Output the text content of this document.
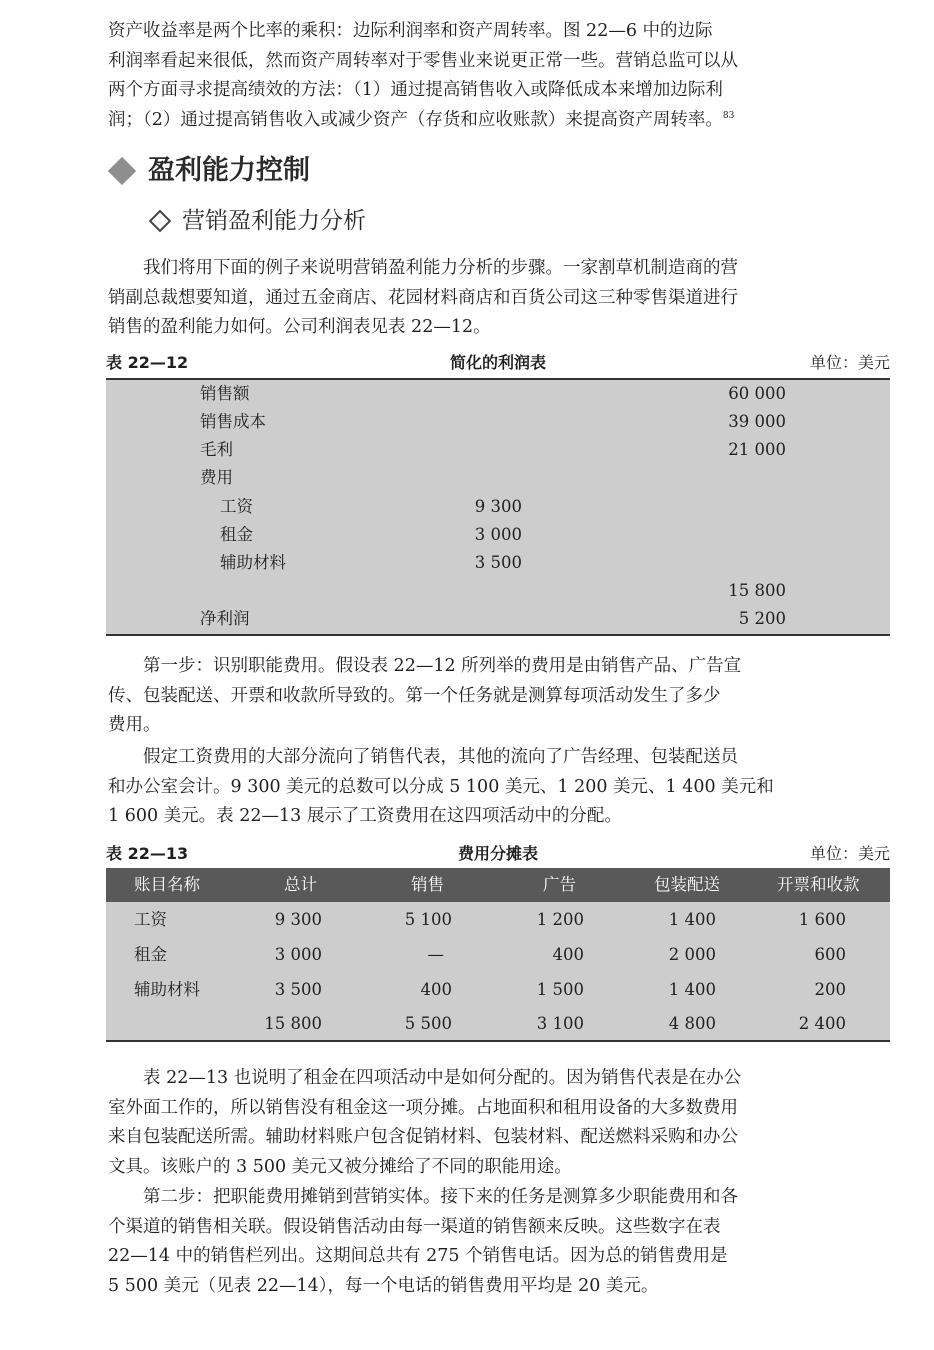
资产收益率是两个比率的乘积：边际利润率和资产周转率。图 22—6 中的边际
利润率看起来很低，然而资产周转率对于零售业来说更正常一些。营销总监可以从
两个方面寻求提高绩效的方法：（1）通过提高销售收入或降低成本来增加边际利
润；（2）通过提高销售收入或减少资产（存货和应收账款）来提高资产周转率。$^{83}$

盈利能力控制
营销盈利能力分析

我们将用下面的例子来说明营销盈利能力分析的步骤。一家割草机制造商的营
销副总裁想要知道，通过五金商店、花园材料商店和百货公司这三种零售渠道进行
销售的盈利能力如何。公司利润表见表 22—12。

表 22—12	简化的利润表	单位：美元
销售额	60 000
销售成本	39 000
毛利	21 000
费用
工资	9 300
租金	3 000
辅助材料	3 500
15 800
净利润	5 200

第一步：识别职能费用。假设表 22—12 所列举的费用是由销售产品、广告宣
传、包装配送、开票和收款所导致的。第一个任务就是测算每项活动发生了多少
费用。

假定工资费用的大部分流向了销售代表，其他的流向了广告经理、包装配送员
和办公室会计。9 300 美元的总数可以分成 5 100 美元、1 200 美元、1 400 美元和
1 600 美元。表 22—13 展示了工资费用在这四项活动中的分配。

表 22—13	费用分摊表	单位：美元
账目名称	总计	销售	广告	包装配送	开票和收款
工资	9 300	5 100	1 200	1 400	1 600
租金	3 000	—	400	2 000	600
辅助材料	3 500	400	1 500	1 400	200
15 800	5 500	3 100	4 800	2 400

表 22—13 也说明了租金在四项活动中是如何分配的。因为销售代表是在办公
室外面工作的，所以销售没有租金这一项分摊。占地面积和租用设备的大多数费用
来自包装配送所需。辅助材料账户包含促销材料、包装材料、配送燃料采购和办公
文具。该账户的 3 500 美元又被分摊给了不同的职能用途。

第二步：把职能费用摊销到营销实体。接下来的任务是测算多少职能费用和各
个渠道的销售相关联。假设销售活动由每一渠道的销售额来反映。这些数字在表
22—14 中的销售栏列出。这期间总共有 275 个销售电话。因为总的销售费用是
5 500 美元（见表 22—14），每一个电话的销售费用平均是 20 美元。
